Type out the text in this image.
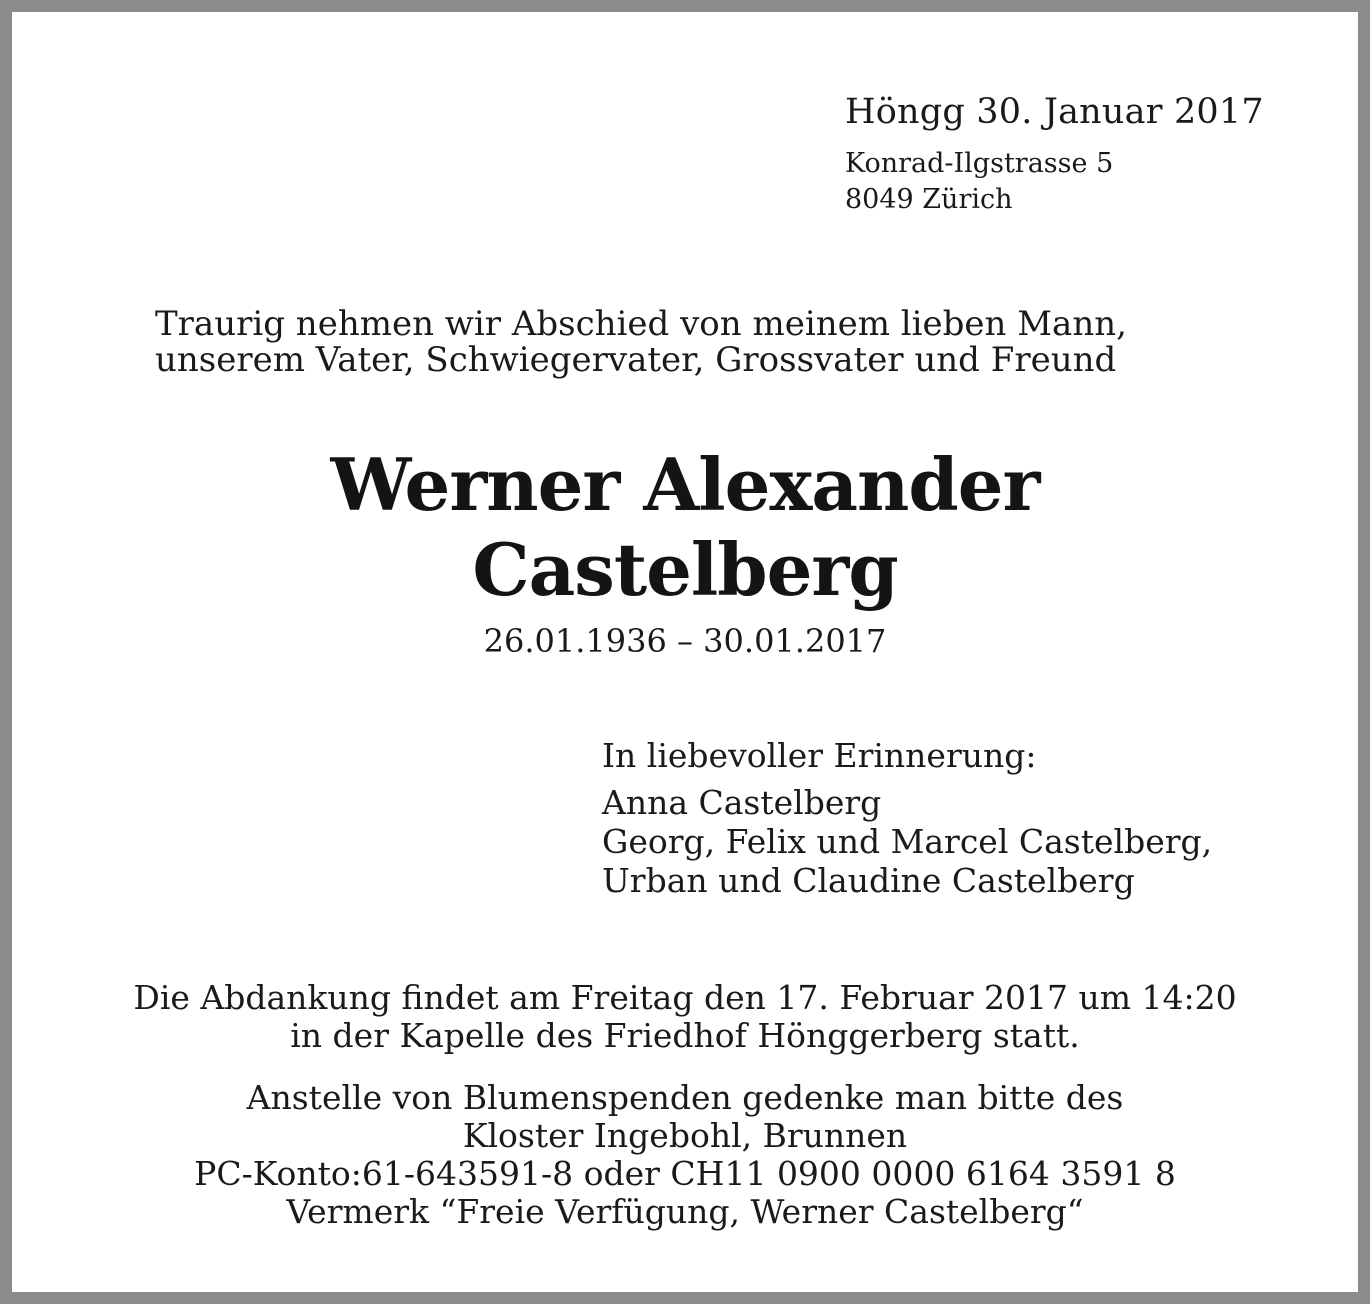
Höngg 30. Januar 2017

Konrad-Ilgstrasse 5

8049 Zürich

Traurig nehmen wir Abschied von meinem lieben Mann,

unserem Vater, Schwiegervater, Grossvater und Freund

Werner Alexander
Castelberg

26.01.1936 – 30.01.2017

In liebevoller Erinnerung:

Anna Castelberg

Georg, Felix und Marcel Castelberg,

Urban und Claudine Castelberg

Die Abdankung findet am Freitag den 17. Februar 2017 um 14:20

in der Kapelle des Friedhof Hönggerberg statt.

Anstelle von Blumenspenden gedenke man bitte des

Kloster Ingebohl, Brunnen

PC-Konto:61-643591-8 oder CH11 0900 0000 6164 3591 8

Vermerk “Freie Verfügung, Werner Castelberg“
